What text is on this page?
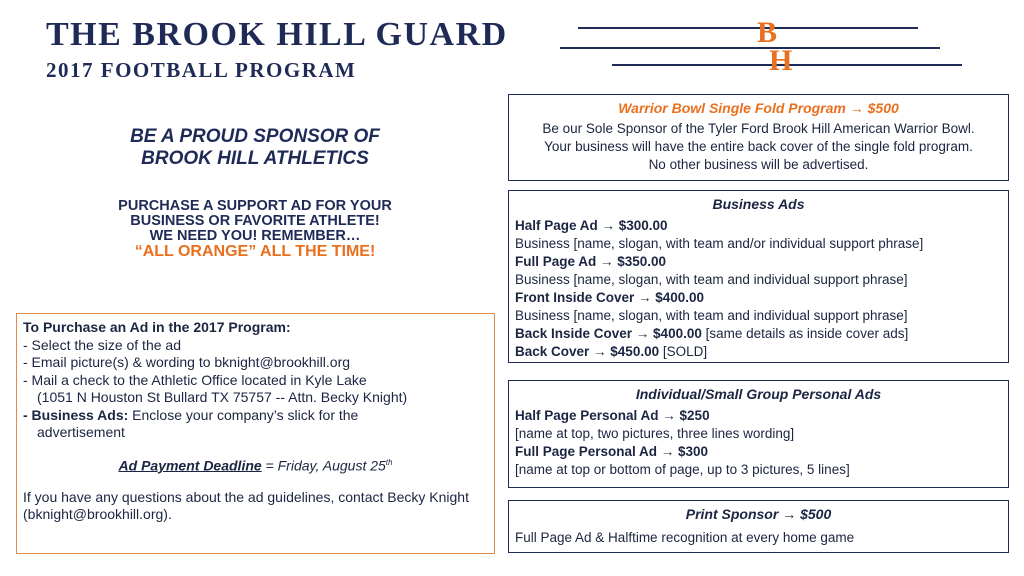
THE BROOK HILL GUARD
2017 FOOTBALL PROGRAM
B
H
BE A PROUD SPONSOR OF
BROOK HILL ATHLETICS
PURCHASE A SUPPORT AD FOR YOUR
BUSINESS OR FAVORITE ATHLETE!
WE NEED YOU! REMEMBER…
“ALL ORANGE” ALL THE TIME!
To Purchase an Ad in the 2017 Program:
- Select the size of the ad
- Email picture(s) & wording to bknight@brookhill.org
- Mail a check to the Athletic Office located in Kyle Lake
(1051 N Houston St Bullard TX 75757 -- Attn. Becky Knight)
- Business Ads: Enclose your company’s slick for the
advertisement
Ad Payment Deadline = Friday, August 25th
If you have any questions about the ad guidelines, contact Becky Knight (bknight@brookhill.org).
Warrior Bowl Single Fold Program → $500
Be our Sole Sponsor of the Tyler Ford Brook Hill American Warrior Bowl.
Your business will have the entire back cover of the single fold program.
No other business will be advertised.
Business Ads
Half Page Ad → $300.00
Business [name, slogan, with team and/or individual support phrase]
Full Page Ad → $350.00
Business [name, slogan, with team and individual support phrase]
Front Inside Cover → $400.00
Business [name, slogan, with team and individual support phrase]
Back Inside Cover → $400.00 [same details as inside cover ads]
Back Cover → $450.00 [SOLD]
Individual/Small Group Personal Ads
Half Page Personal Ad → $250
[name at top, two pictures, three lines wording]
Full Page Personal Ad → $300
[name at top or bottom of page, up to 3 pictures, 5 lines]
Print Sponsor → $500
Full Page Ad & Halftime recognition at every home game
